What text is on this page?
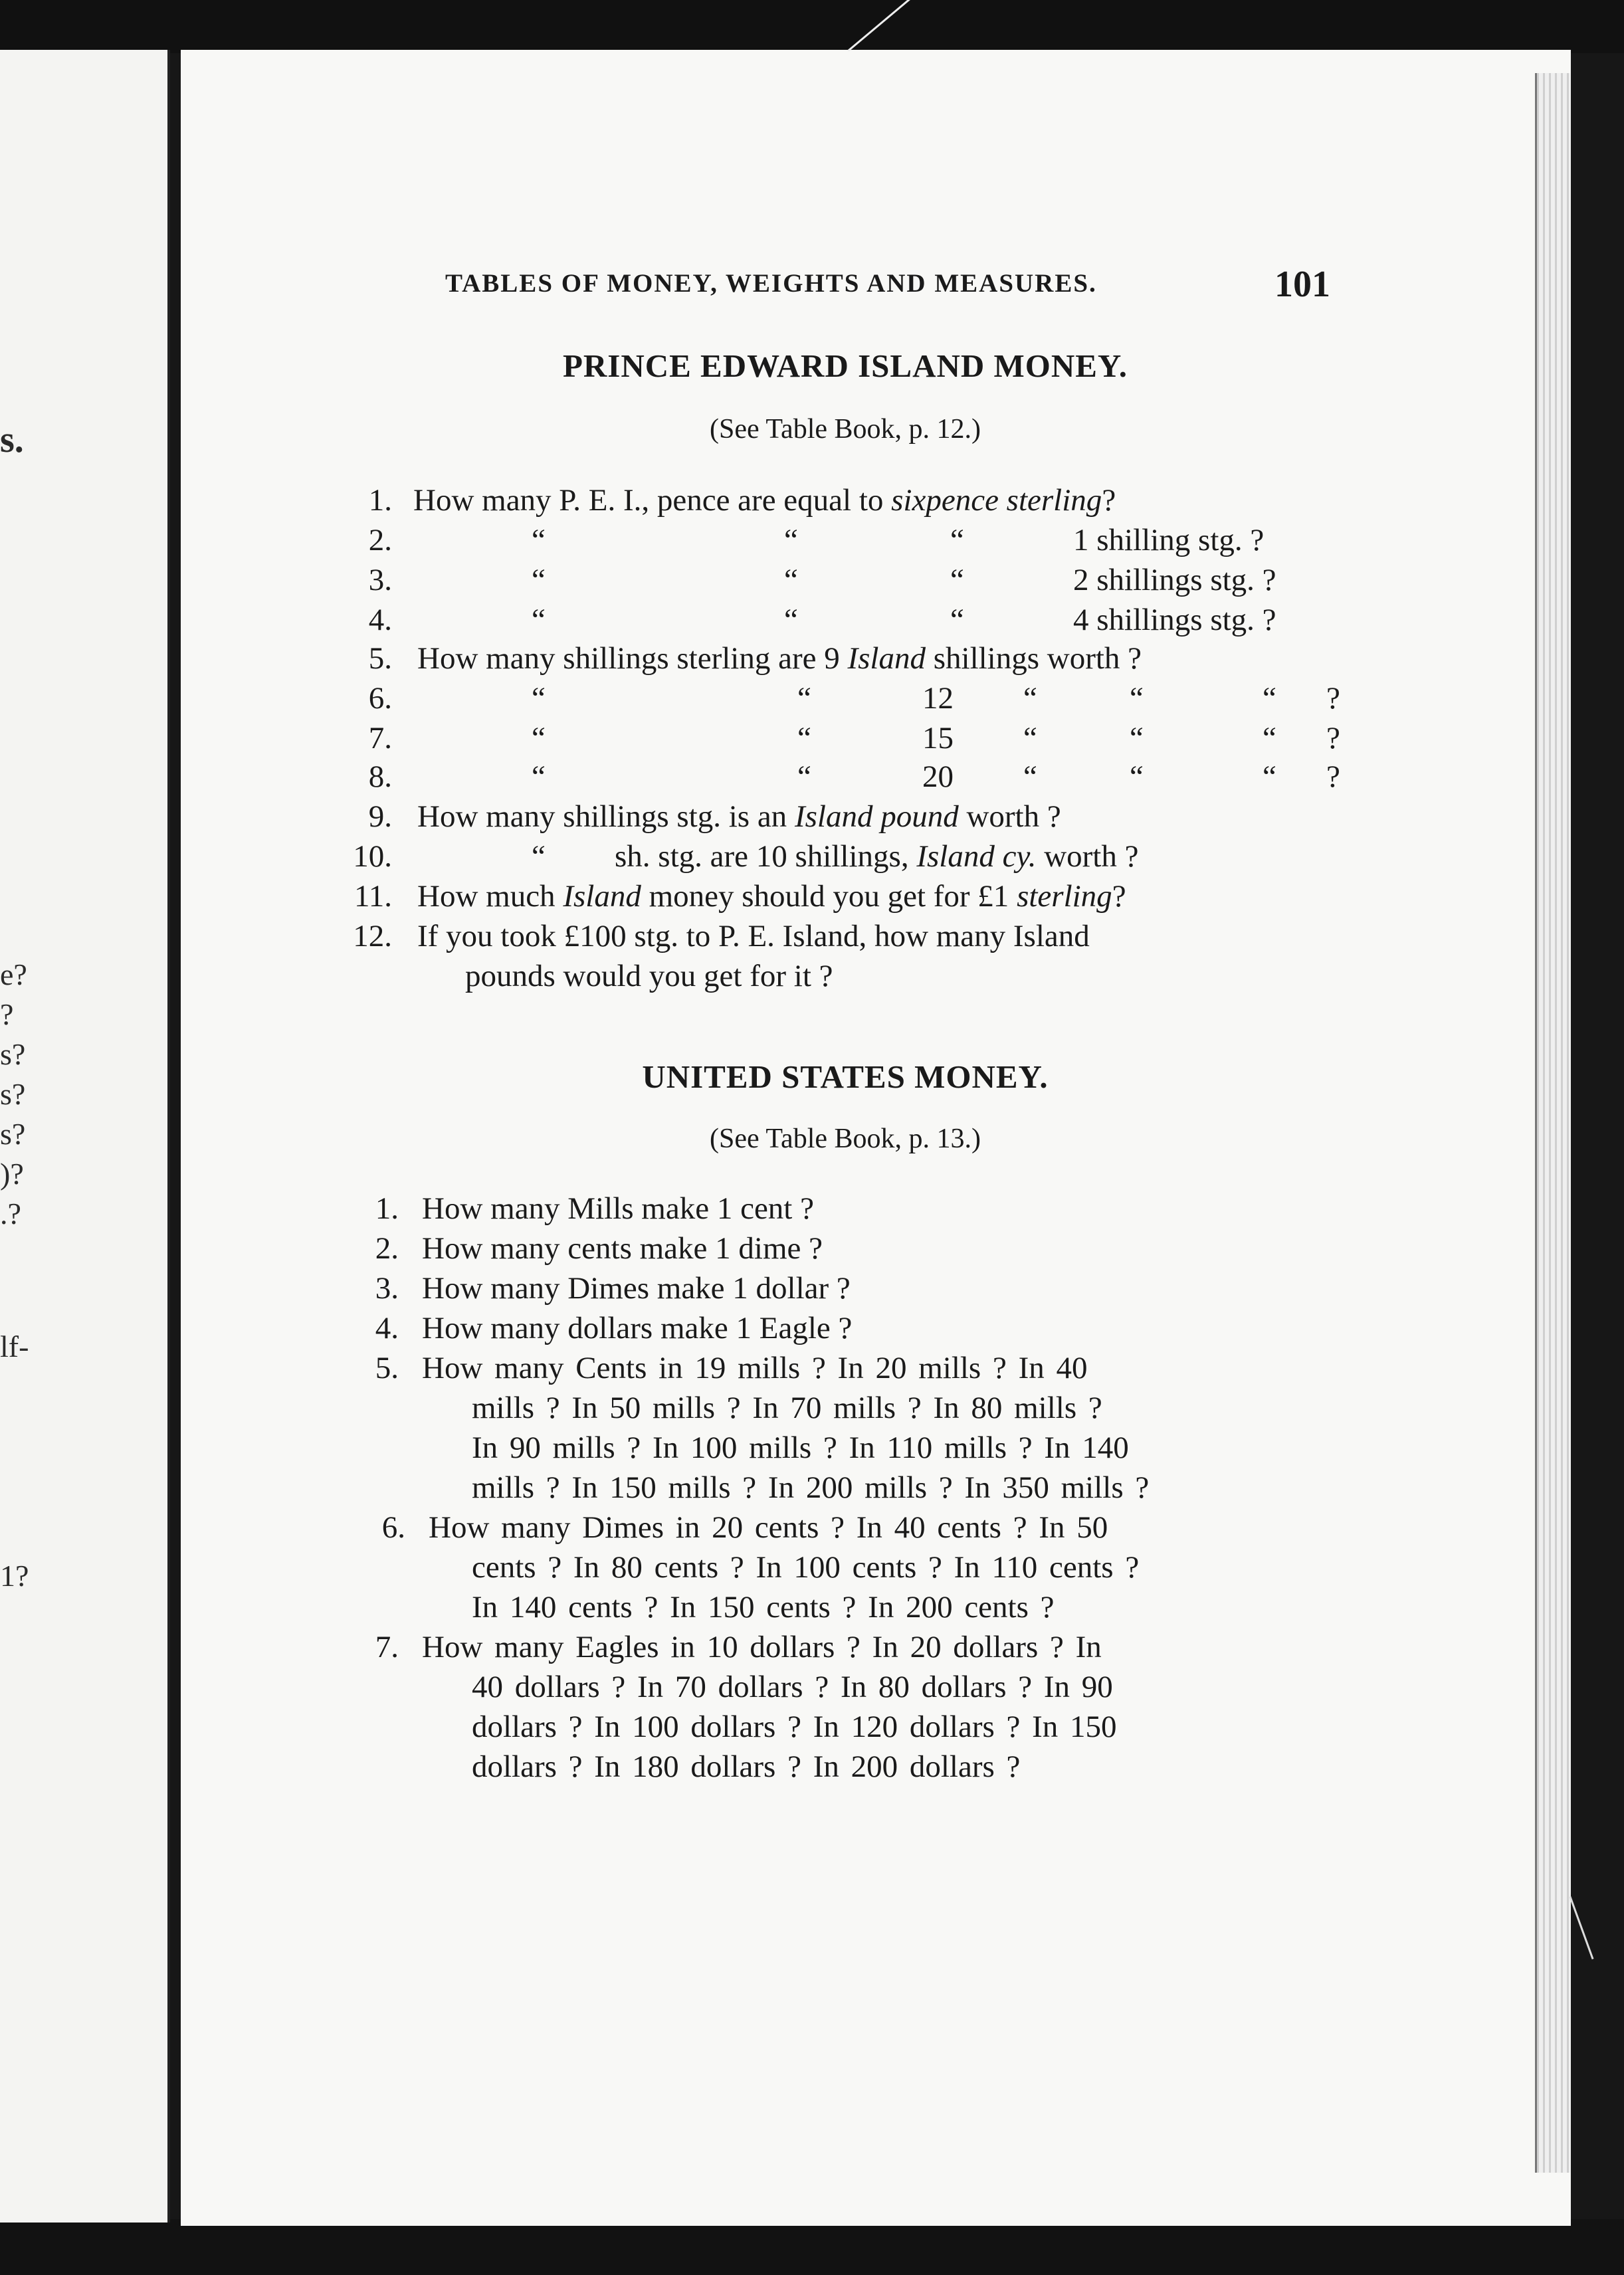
s.
e?
?
s?
s?
s?
)?
.?
lf-
1?
TABLES OF MONEY, WEIGHTS AND MEASURES.	101
PRINCE EDWARD ISLAND MONEY.
(See Table Book, p. 12.)
1. How many P. E. I., pence are equal to sixpence sterling?
2.	“	“	“	1 shilling stg. ?
3.	“	“	“	2 shillings stg. ?
4.	“	“	“	4 shillings stg. ?
5. How many shillings sterling are 9 Island shillings worth ?
6.	“	“	12 “	“	“ ?
7.	“	“	15 “	“	“ ?
8.	“	“	20 “	“	“ ?
9. How many shillings stg. is an Island pound worth ?
10.	“ sh. stg. are 10 shillings, Island cy. worth ?
11. How much Island money should you get for £1 sterling?
12. If you took £100 stg. to P. E. Island, how many Island
pounds would you get for it ?
UNITED STATES MONEY.
(See Table Book, p. 13.)
1. How many Mills make 1 cent ?
2. How many cents make 1 dime ?
3. How many Dimes make 1 dollar ?
4. How many dollars make 1 Eagle ?
5. How many Cents in 19 mills ? In 20 mills ? In 40
mills ? In 50 mills ? In 70 mills ? In 80 mills ?
In 90 mills ? In 100 mills ? In 110 mills ? In 140
mills ? In 150 mills ? In 200 mills ? In 350 mills ?
6. How many Dimes in 20 cents ? In 40 cents ? In 50
cents ? In 80 cents ? In 100 cents ? In 110 cents ?
In 140 cents ? In 150 cents ? In 200 cents ?
7. How many Eagles in 10 dollars ? In 20 dollars ? In
40 dollars ? In 70 dollars ? In 80 dollars ? In 90
dollars ? In 100 dollars ? In 120 dollars ? In 150
dollars ? In 180 dollars ? In 200 dollars ?
